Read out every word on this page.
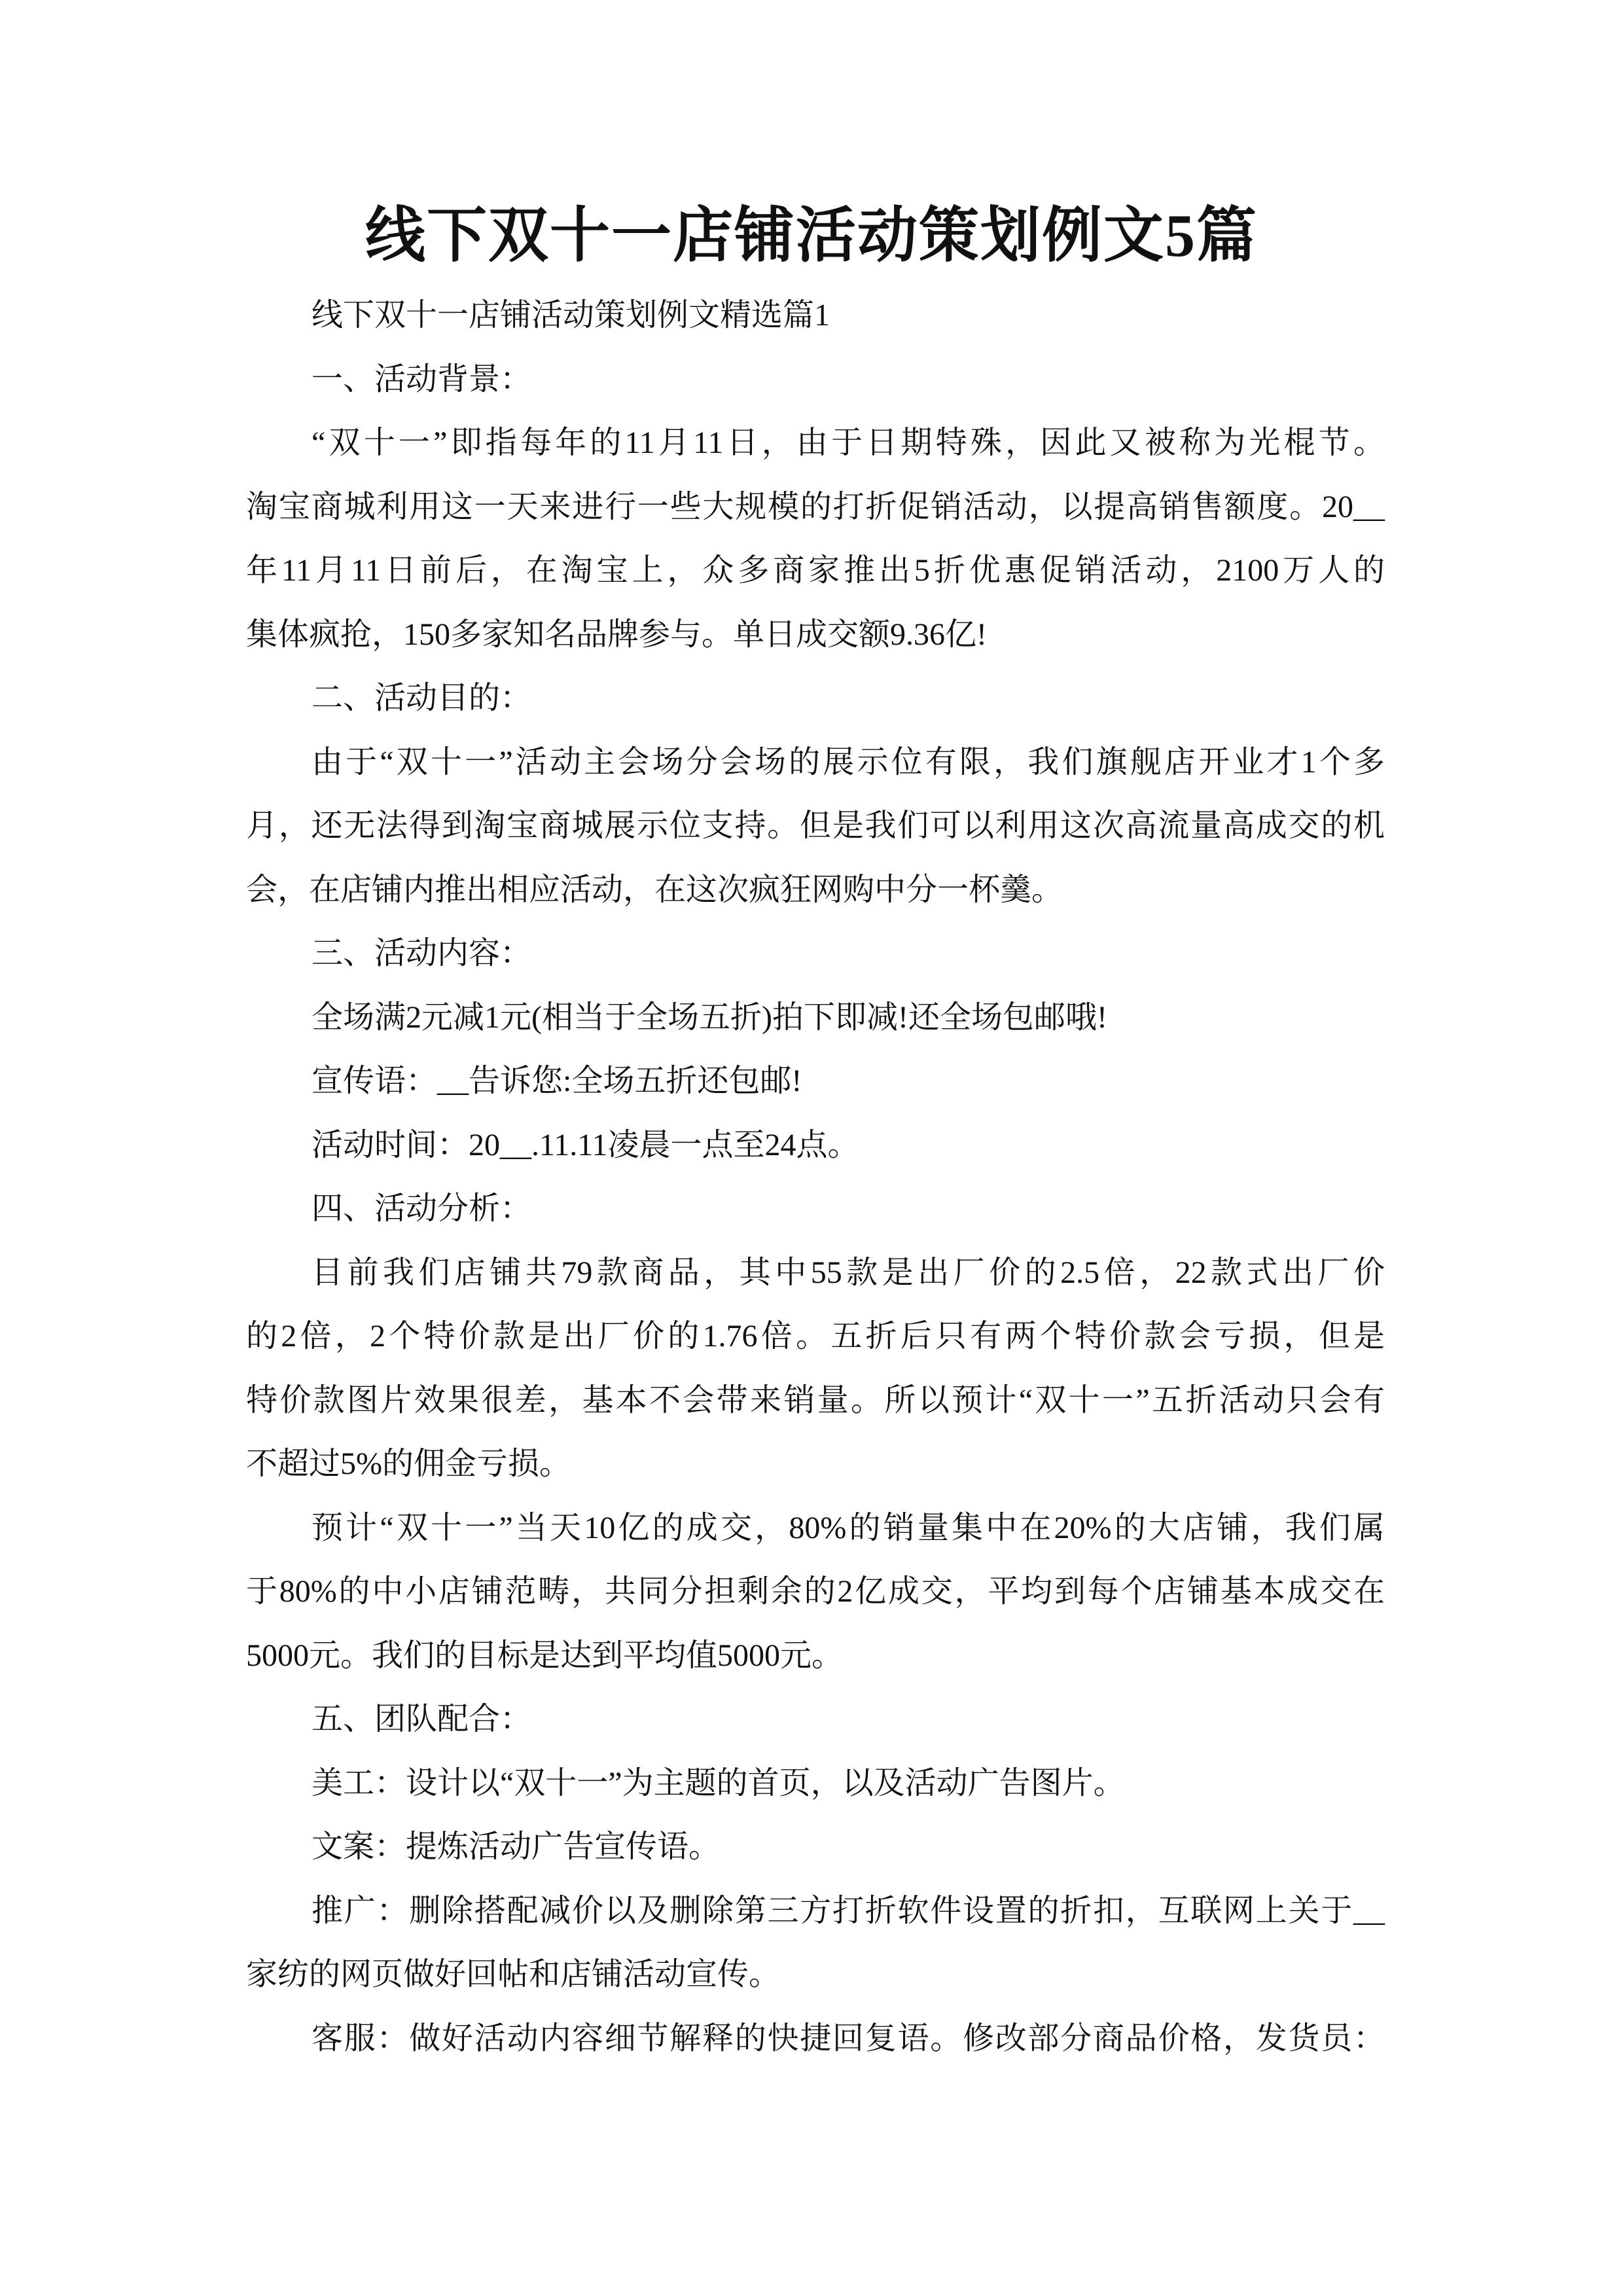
线下双十一店铺活动策划例文5篇
线下双十一店铺活动策划例文精选篇1
一、活动背景：
“双十一”即指每年的11月11日，由于日期特殊，因此又被称为光棍节。
淘宝商城利用这一天来进行一些大规模的打折促销活动，以提高销售额度。20__
年11月11日前后，在淘宝上，众多商家推出5折优惠促销活动，2100万人的
集体疯抢，150多家知名品牌参与。单日成交额9.36亿!
二、活动目的：
由于“双十一”活动主会场分会场的展示位有限，我们旗舰店开业才1个多
月，还无法得到淘宝商城展示位支持。但是我们可以利用这次高流量高成交的机
会，在店铺内推出相应活动，在这次疯狂网购中分一杯羹。
三、活动内容：
全场满2元减1元(相当于全场五折)拍下即减!还全场包邮哦!
宣传语：__告诉您:全场五折还包邮!
活动时间：20__.11.11凌晨一点至24点。
四、活动分析：
目前我们店铺共79款商品，其中55款是出厂价的2.5倍，22款式出厂价
的2倍，2个特价款是出厂价的1.76倍。五折后只有两个特价款会亏损，但是
特价款图片效果很差，基本不会带来销量。所以预计“双十一”五折活动只会有
不超过5%的佣金亏损。
预计“双十一”当天10亿的成交，80%的销量集中在20%的大店铺，我们属
于80%的中小店铺范畴，共同分担剩余的2亿成交，平均到每个店铺基本成交在
5000元。我们的目标是达到平均值5000元。
五、团队配合：
美工：设计以“双十一”为主题的首页，以及活动广告图片。
文案：提炼活动广告宣传语。
推广：删除搭配减价以及删除第三方打折软件设置的折扣，互联网上关于__
家纺的网页做好回帖和店铺活动宣传。
客服：做好活动内容细节解释的快捷回复语。修改部分商品价格，发货员：
